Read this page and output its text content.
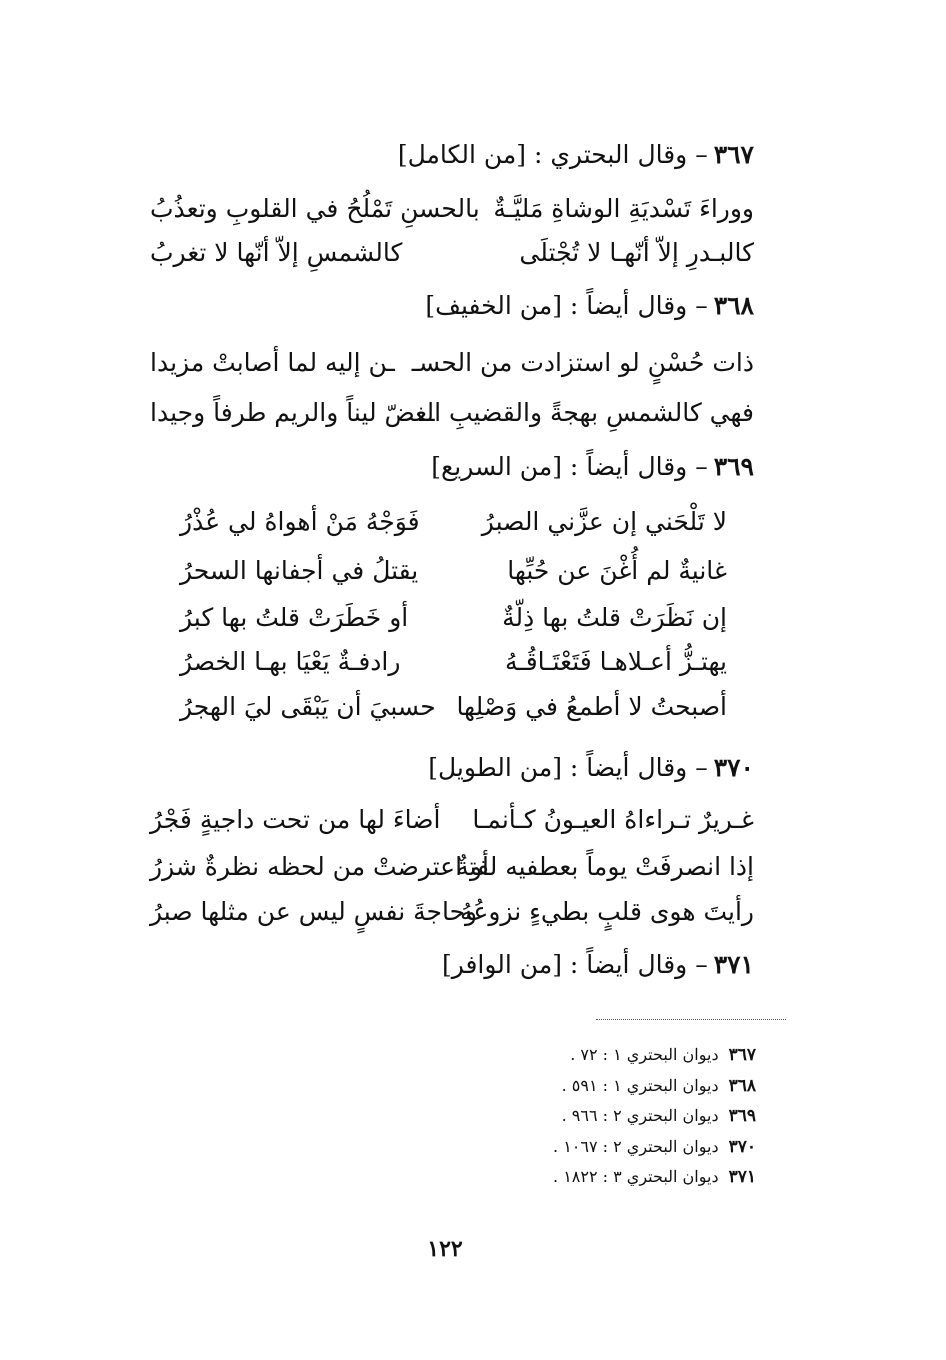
٣٦٧– وقال البحتري : [من الكامل]
ووراءَ تَسْديَةِ الوشاةِ مَليَّـةٌ
بالحسنِ تَمْلُحُ في القلوبِ وتعذُبُ
كالبـدرِ إلاّ أنّهـا لا تُجْتلَى
كالشمسِ إلاّ أنّها لا تغربُ
٣٦٨– وقال أيضاً : [من الخفيف]
ذات حُسْنٍ لو استزادت من الحسـ
ـن إليه لما أصابتْ مزيدا
فهي كالشمسِ بهجةً والقضيبِ الـ
ـغضّ ليناً والريم طرفاً وجيدا
٣٦٩– وقال أيضاً : [من السريع]
لا تَلْحَني إن عزَّني الصبرُ
فَوَجْهُ مَنْ أهواهُ لي عُذْرُ
غانيةٌ لم أُغْنَ عن حُبِّها
يقتلُ في أجفانها السحرُ
إن نَظَرَتْ قلتُ بها ذِلّةٌ
أو خَطَرَتْ قلتُ بها كبرُ
يهتـزُّ أعـلاهـا فَتَعْتَـاقُـهُ
رادفـةٌ يَعْيَا بهـا الخصرُ
أصبحتُ لا أطمعُ في وَصْلِها
حسبيَ أن يَبْقَى ليَ الهجرُ
٣٧٠– وقال أيضاً : [من الطويل]
غـريرٌ تـراءاهُ العيـونُ كـأنمـا
أضاءَ لها من تحت داجيةٍ فَجْرُ
إذا انصرفَتْ يوماً بعطفيه لفتةٌ
أو اعترضتْ من لحظه نظرةٌ شزرُ
رأيتَ هوى قلبٍ بطيءٍ نزوعُهُ
وحاجةَ نفسٍ ليس عن مثلها صبرُ
٣٧١– وقال أيضاً : [من الوافر]
٣٦٧ديوان البحتري ١ : ٧٢ .
٣٦٨ديوان البحتري ١ : ٥٩١ .
٣٦٩ديوان البحتري ٢ : ٩٦٦ .
٣٧٠ديوان البحتري ٢ : ١٠٦٧ .
٣٧١ديوان البحتري ٣ : ١٨٢٢ .
١٢٢
